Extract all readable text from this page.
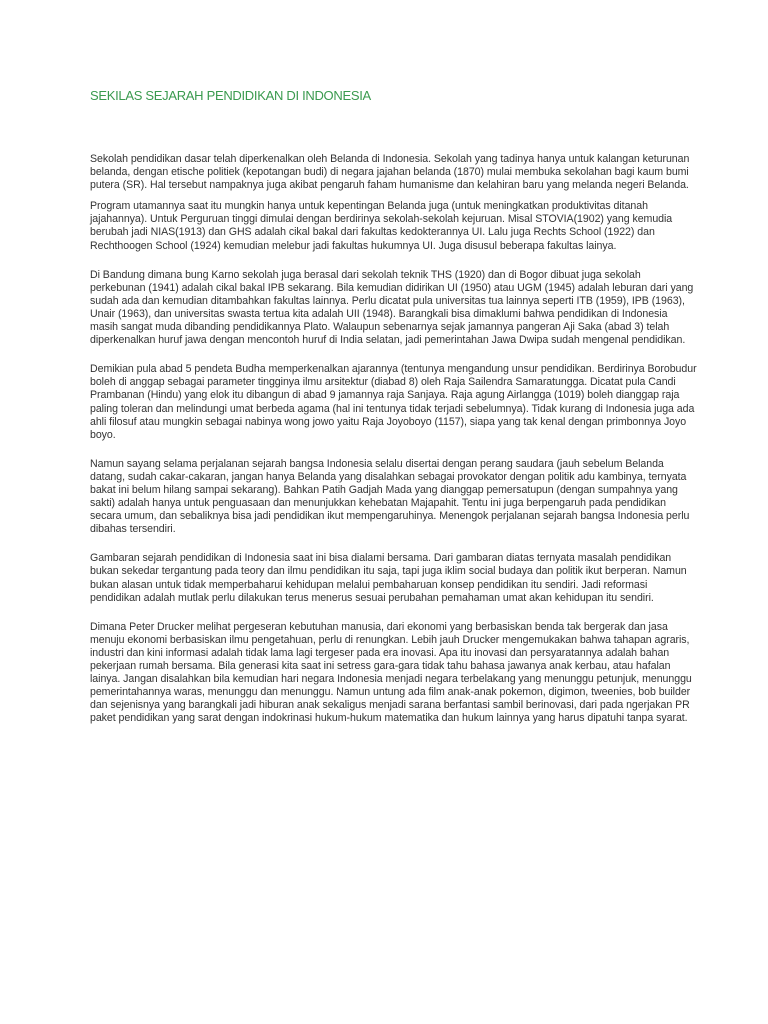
SEKILAS SEJARAH PENDIDIKAN DI INDONESIA

Sekolah pendidikan dasar telah diperkenalkan oleh Belanda di Indonesia. Sekolah yang tadinya hanya untuk kalangan keturunan belanda, dengan etische politiek (kepotangan budi) di negara jajahan belanda (1870) mulai membuka sekolahan bagi kaum bumi putera (SR). Hal tersebut nampaknya juga akibat pengaruh faham humanisme dan kelahiran baru yang melanda negeri Belanda.

Program utamannya saat itu mungkin hanya untuk kepentingan Belanda juga (untuk meningkatkan produktivitas ditanah jajahannya). Untuk Perguruan tinggi dimulai dengan berdirinya sekolah-sekolah kejuruan. Misal STOVIA(1902) yang kemudia berubah jadi NIAS(1913) dan GHS adalah cikal bakal dari fakultas kedokterannya UI. Lalu juga Rechts School (1922) dan Rechthoogen School (1924) kemudian melebur jadi fakultas hukumnya UI. Juga disusul beberapa fakultas lainya.

Di Bandung dimana bung Karno sekolah juga berasal dari sekolah teknik THS (1920) dan di Bogor dibuat juga sekolah perkebunan (1941) adalah cikal bakal IPB sekarang. Bila kemudian didirikan UI (1950) atau UGM (1945) adalah leburan dari yang sudah ada dan kemudian ditambahkan fakultas lainnya. Perlu dicatat pula universitas tua lainnya seperti ITB (1959), IPB (1963), Unair (1963), dan universitas swasta tertua kita adalah UII (1948). Barangkali bisa dimaklumi bahwa pendidikan di Indonesia masih sangat muda dibanding pendidikannya Plato. Walaupun sebenarnya sejak jamannya pangeran Aji Saka (abad 3) telah diperkenalkan huruf jawa dengan mencontoh huruf di India selatan, jadi pemerintahan Jawa Dwipa sudah mengenal pendidikan.

Demikian pula abad 5 pendeta Budha memperkenalkan ajarannya (tentunya mengandung unsur pendidikan. Berdirinya Borobudur boleh di anggap sebagai parameter tingginya ilmu arsitektur (diabad 8) oleh Raja Sailendra Samaratungga. Dicatat pula Candi Prambanan (Hindu) yang elok itu dibangun di abad 9 jamannya raja Sanjaya. Raja agung Airlangga (1019) boleh dianggap raja paling toleran dan melindungi umat berbeda agama (hal ini tentunya tidak terjadi sebelumnya). Tidak kurang di Indonesia juga ada ahli filosuf atau mungkin sebagai nabinya wong jowo yaitu Raja Joyoboyo (1157), siapa yang tak kenal dengan primbonnya Joyo boyo.

Namun sayang selama perjalanan sejarah bangsa Indonesia selalu disertai dengan perang saudara (jauh sebelum Belanda datang, sudah cakar-cakaran, jangan hanya Belanda yang disalahkan sebagai provokator dengan politik adu kambinya, ternyata bakat ini belum hilang sampai sekarang). Bahkan Patih Gadjah Mada yang dianggap pemersatupun (dengan sumpahnya yang sakti) adalah hanya untuk penguasaan dan menunjukkan kehebatan Majapahit. Tentu ini juga berpengaruh pada pendidikan secara umum, dan sebaliknya bisa jadi pendidikan ikut mempengaruhinya. Menengok perjalanan sejarah bangsa Indonesia perlu dibahas tersendiri.

Gambaran sejarah pendidikan di Indonesia saat ini bisa dialami bersama. Dari gambaran diatas ternyata masalah pendidikan bukan sekedar tergantung pada teory dan ilmu pendidikan itu saja, tapi juga iklim social budaya dan politik ikut berperan. Namun bukan alasan untuk tidak memperbaharui kehidupan melalui pembaharuan konsep pendidikan itu sendiri. Jadi reformasi pendidikan adalah mutlak perlu dilakukan terus menerus sesuai perubahan pemahaman umat akan kehidupan itu sendiri.

Dimana Peter Drucker melihat pergeseran kebutuhan manusia, dari ekonomi yang berbasiskan benda tak bergerak dan jasa menuju ekonomi berbasiskan ilmu pengetahuan, perlu di renungkan. Lebih jauh Drucker mengemukakan bahwa tahapan agraris, industri dan kini informasi adalah tidak lama lagi tergeser pada era inovasi. Apa itu inovasi dan persyaratannya adalah bahan pekerjaan rumah bersama. Bila generasi kita saat ini setress gara-gara tidak tahu bahasa jawanya anak kerbau, atau hafalan lainya. Jangan disalahkan bila kemudian hari negara Indonesia menjadi negara terbelakang yang menunggu petunjuk, menunggu pemerintahannya waras, menunggu dan menunggu. Namun untung ada film anak-anak pokemon, digimon, tweenies, bob builder dan sejenisnya yang barangkali jadi hiburan anak sekaligus menjadi sarana berfantasi sambil berinovasi, dari pada ngerjakan PR paket pendidikan yang sarat dengan indokrinasi hukum-hukum matematika dan hukum lainnya yang harus dipatuhi tanpa syarat.
